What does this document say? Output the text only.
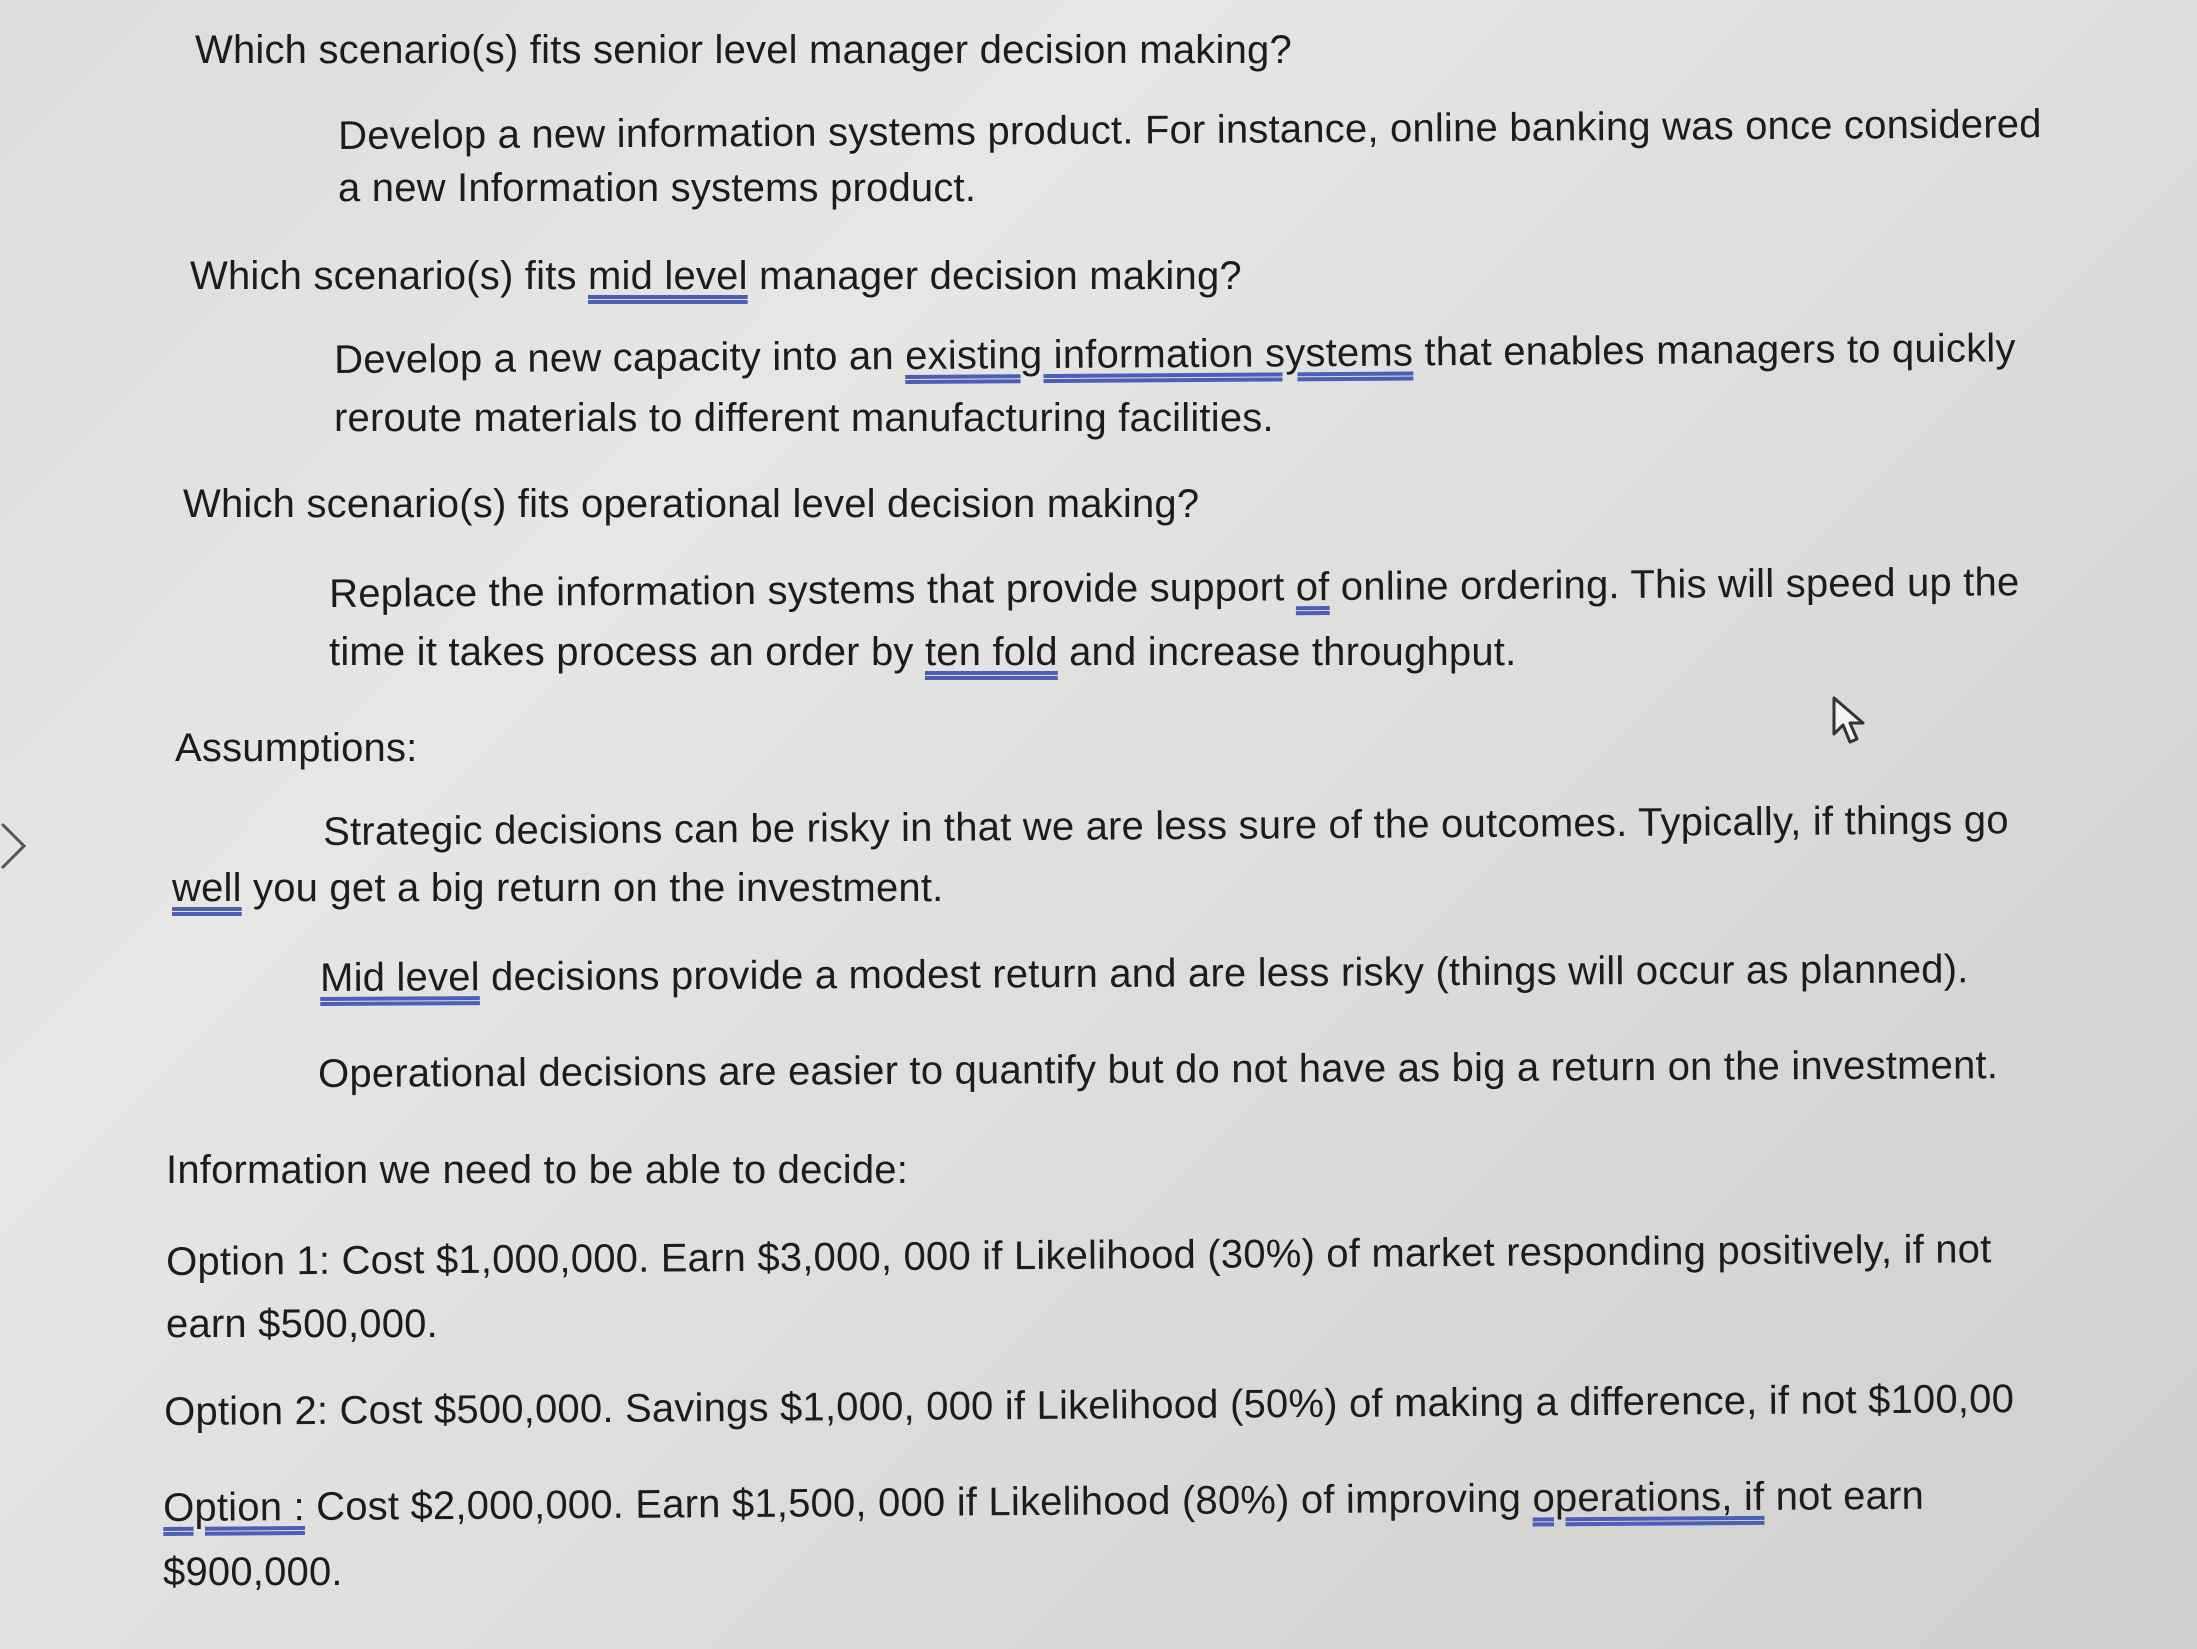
Which scenario(s) fits senior level manager decision making?
Develop a new information systems product. For instance, online banking was once considered
a new Information systems product.
Which scenario(s) fits mid level manager decision making?
Develop a new capacity into an existing information systems that enables managers to quickly
reroute materials to different manufacturing facilities.
Which scenario(s) fits operational level decision making?
Replace the information systems that provide support of online ordering. This will speed up the
time it takes process an order by ten fold and increase throughput.
Assumptions:
Strategic decisions can be risky in that we are less sure of the outcomes. Typically, if things go
well you get a big return on the investment.
Mid level decisions provide a modest return and are less risky (things will occur as planned).
Operational decisions are easier to quantify but do not have as big a return on the investment.
Information we need to be able to decide:
Option 1: Cost $1,000,000. Earn $3,000, 000 if Likelihood (30%) of market responding positively, if not
earn $500,000.
Option 2: Cost $500,000. Savings $1,000, 000 if Likelihood (50%) of making a difference, if not $100,00
Option : Cost $2,000,000. Earn $1,500, 000 if Likelihood (80%) of improving operations, if not earn
$900,000.
